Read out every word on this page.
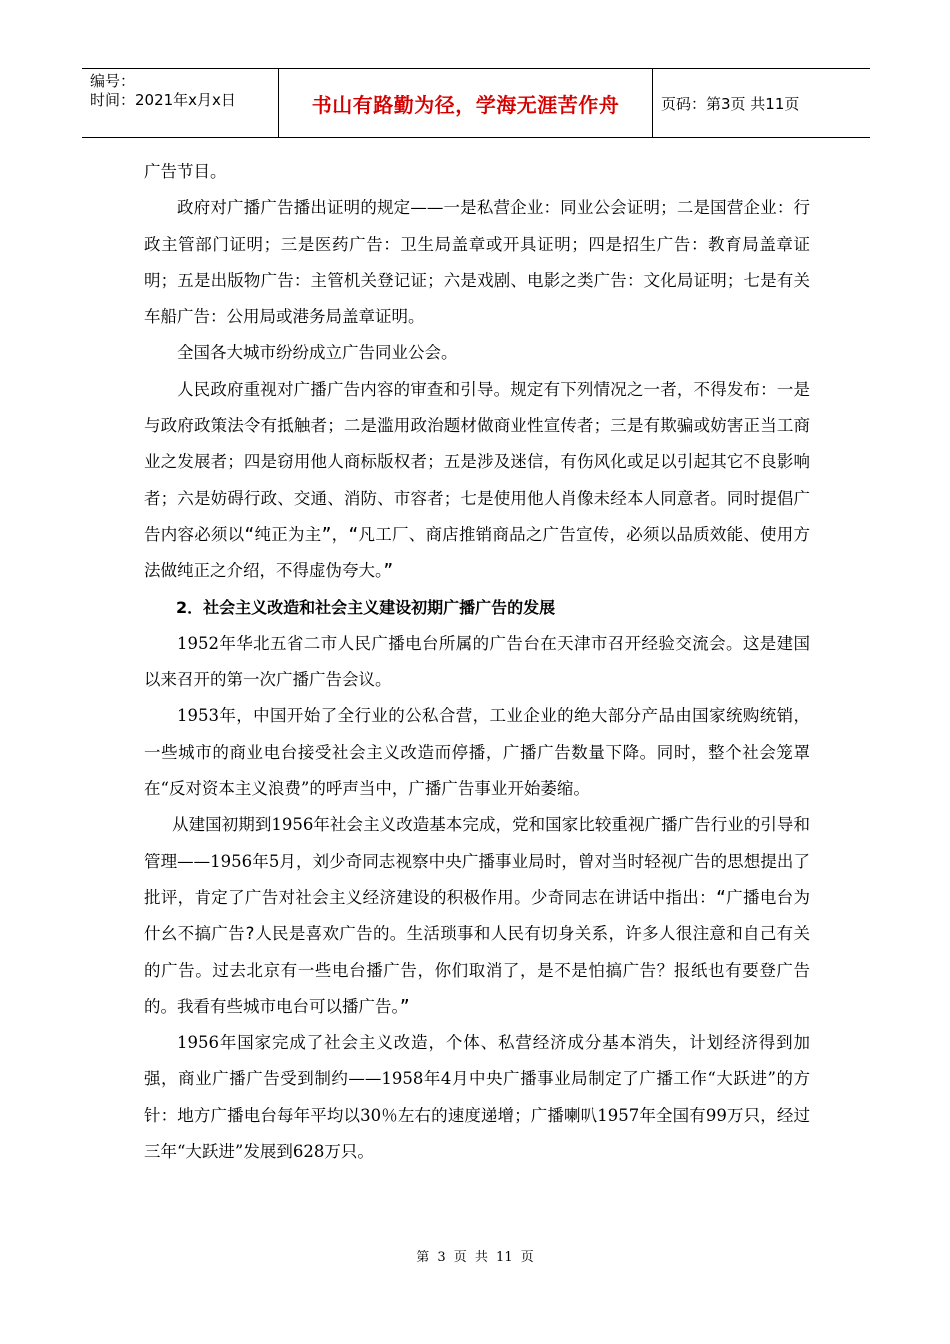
编号：
时间：2021年x月x日	书山有路勤为径，学海无涯苦作舟	页码：第3页 共11页

广告节目。

政府对广播广告播出证明的规定——一是私营企业：同业公会证明；二是国营企业：行政主管部门证明；三是医药广告：卫生局盖章或开具证明；四是招生广告：教育局盖章证明；五是出版物广告：主管机关登记证；六是戏剧、电影之类广告：文化局证明；七是有关车船广告：公用局或港务局盖章证明。

全国各大城市纷纷成立广告同业公会。

人民政府重视对广播广告内容的审查和引导。规定有下列情况之一者，不得发布：一是与政府政策法令有抵触者；二是滥用政治题材做商业性宣传者；三是有欺骗或妨害正当工商业之发展者；四是窃用他人商标版权者；五是涉及迷信，有伤风化或足以引起其它不良影响者；六是妨碍行政、交通、消防、市容者；七是使用他人肖像未经本人同意者。同时提倡广告内容必须以“纯正为主”，“凡工厂、商店推销商品之广告宣传，必须以品质效能、使用方法做纯正之介绍，不得虚伪夸大。”

2．社会主义改造和社会主义建设初期广播广告的发展

1952年华北五省二市人民广播电台所属的广告台在天津市召开经验交流会。这是建国以来召开的第一次广播广告会议。

1953年，中国开始了全行业的公私合营，工业企业的绝大部分产品由国家统购统销，一些城市的商业电台接受社会主义改造而停播，广播广告数量下降。同时，整个社会笼罩在“反对资本主义浪费”的呼声当中，广播广告事业开始萎缩。

从建国初期到1956年社会主义改造基本完成，党和国家比较重视广播广告行业的引导和管理——1956年5月，刘少奇同志视察中央广播事业局时，曾对当时轻视广告的思想提出了批评，肯定了广告对社会主义经济建设的积极作用。少奇同志在讲话中指出：“广播电台为什幺不搞广告?人民是喜欢广告的。生活琐事和人民有切身关系，许多人很注意和自己有关的广告。过去北京有一些电台播广告，你们取消了，是不是怕搞广告？报纸也有要登广告的。我看有些城市电台可以播广告。”

1956年国家完成了社会主义改造，个体、私营经济成分基本消失，计划经济得到加强，商业广播广告受到制约——1958年4月中央广播事业局制定了广播工作“大跃进”的方针：地方广播电台每年平均以30％左右的速度递增；广播喇叭1957年全国有99万只，经过三年“大跃进”发展到628万只。

第 3 页 共 11 页
